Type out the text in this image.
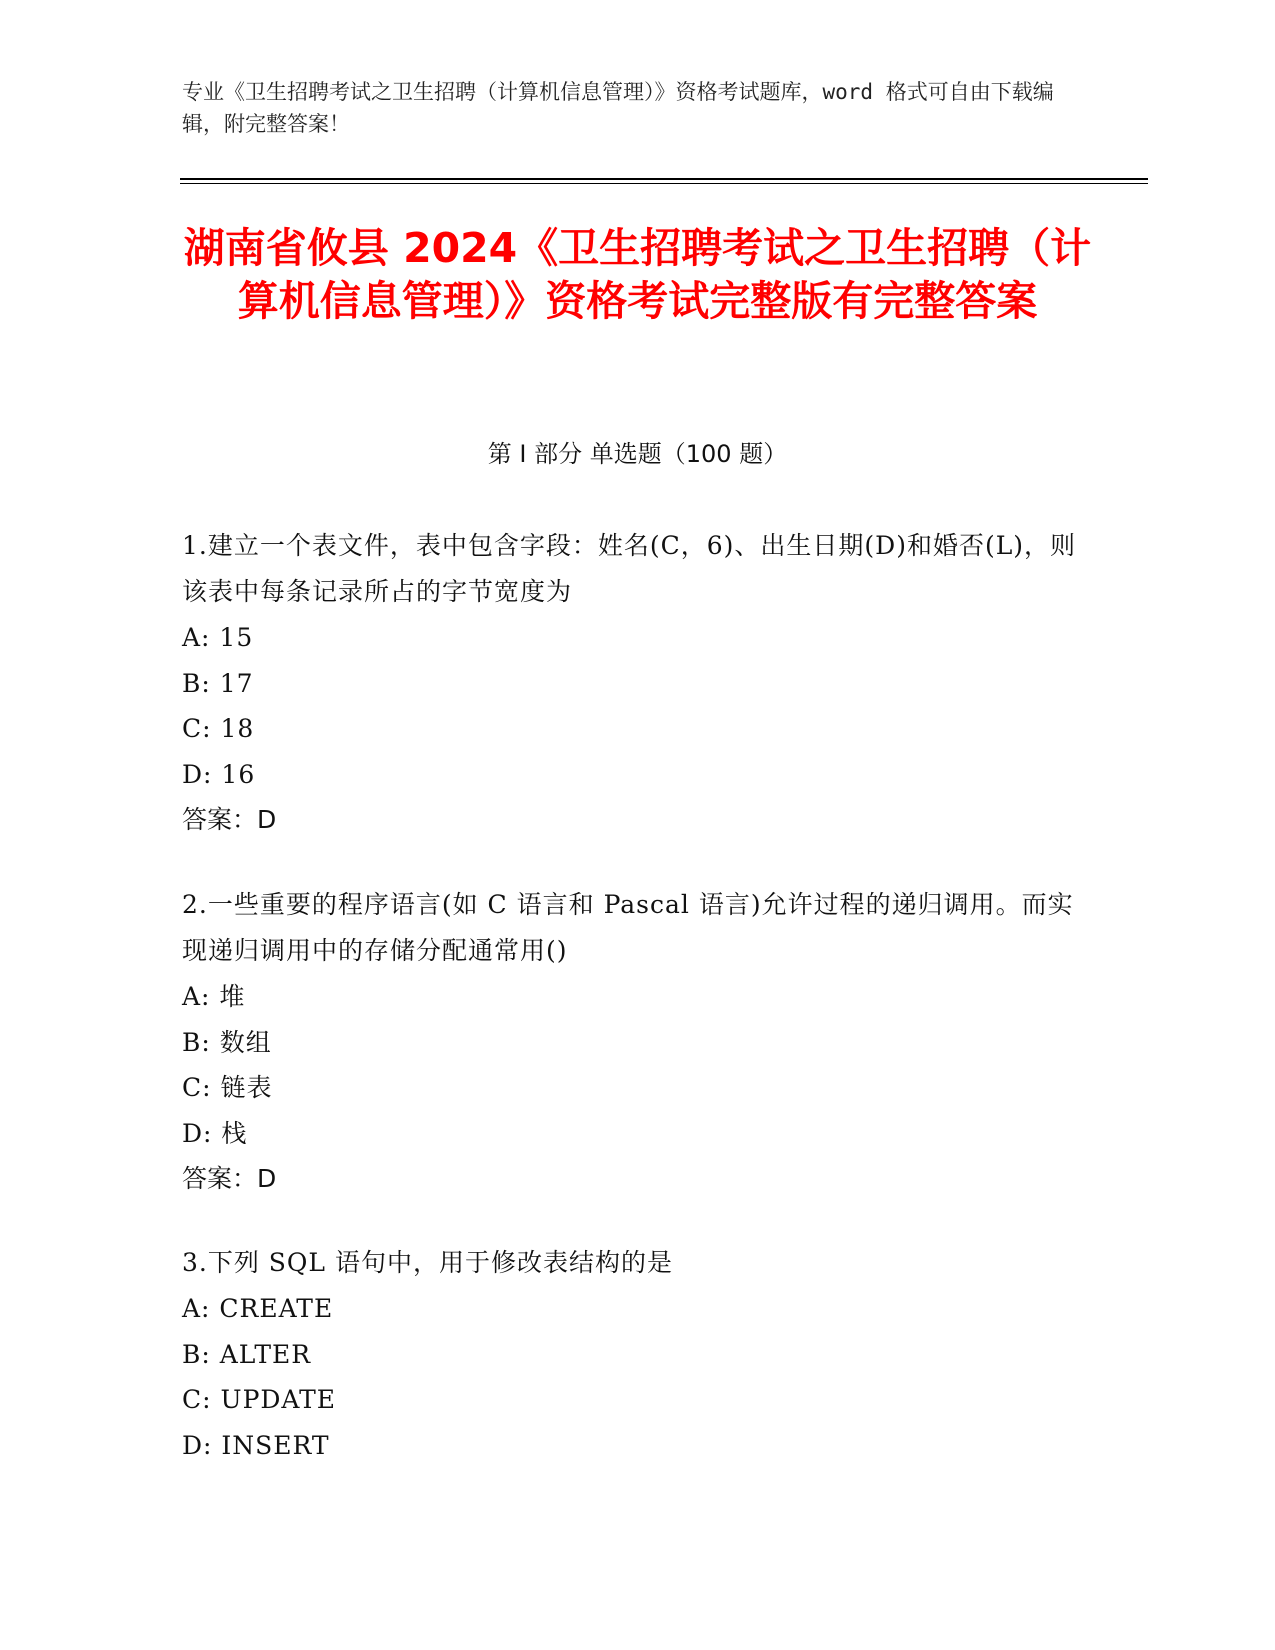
专业《卫生招聘考试之卫生招聘（计算机信息管理）》资格考试题库，word 格式可自由下载编辑，附完整答案！
湖南省攸县 2024《卫生招聘考试之卫生招聘（计算机信息管理）》资格考试完整版有完整答案
第 I 部分 单选题（100 题）
1.建立一个表文件，表中包含字段：姓名(C，6)、出生日期(D)和婚否(L)，则该表中每条记录所占的字节宽度为
A: 15
B: 17
C: 18
D: 16
答案：D
2.一些重要的程序语言(如 C 语言和 Pascal 语言)允许过程的递归调用。而实现递归调用中的存储分配通常用()
A: 堆
B: 数组
C: 链表
D: 栈
答案：D
3.下列 SQL 语句中，用于修改表结构的是
A: CREATE
B: ALTER
C: UPDATE
D: INSERT
